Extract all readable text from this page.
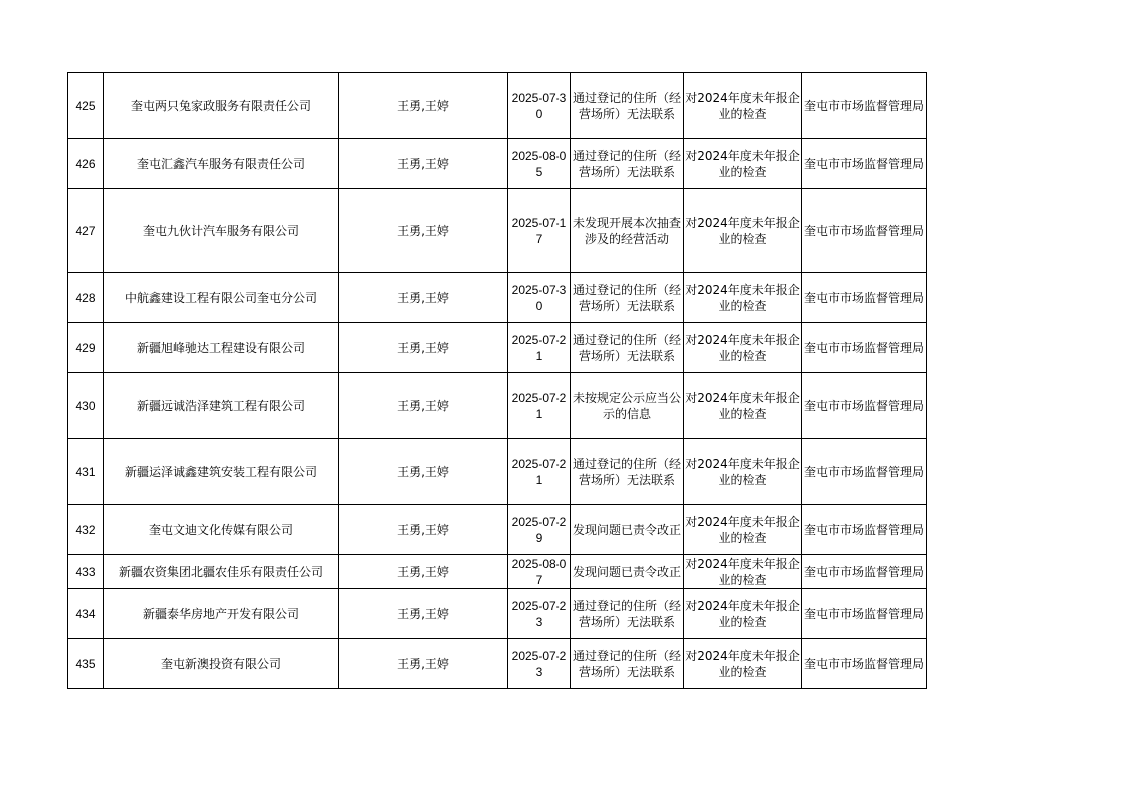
425	奎屯两只兔家政服务有限责任公司	王勇,王婷	2025-07-30	通过登记的住所（经营场所）无法联系	对2024年度未年报企业的检查	奎屯市市场监督管理局
426	奎屯汇鑫汽车服务有限责任公司	王勇,王婷	2025-08-05	通过登记的住所（经营场所）无法联系	对2024年度未年报企业的检查	奎屯市市场监督管理局
427	奎屯九伙计汽车服务有限公司	王勇,王婷	2025-07-17	未发现开展本次抽查涉及的经营活动	对2024年度未年报企业的检查	奎屯市市场监督管理局
428	中航鑫建设工程有限公司奎屯分公司	王勇,王婷	2025-07-30	通过登记的住所（经营场所）无法联系	对2024年度未年报企业的检查	奎屯市市场监督管理局
429	新疆旭峰驰达工程建设有限公司	王勇,王婷	2025-07-21	通过登记的住所（经营场所）无法联系	对2024年度未年报企业的检查	奎屯市市场监督管理局
430	新疆远诚浩泽建筑工程有限公司	王勇,王婷	2025-07-21	未按规定公示应当公示的信息	对2024年度未年报企业的检查	奎屯市市场监督管理局
431	新疆运泽诚鑫建筑安装工程有限公司	王勇,王婷	2025-07-21	通过登记的住所（经营场所）无法联系	对2024年度未年报企业的检查	奎屯市市场监督管理局
432	奎屯文迪文化传媒有限公司	王勇,王婷	2025-07-29	发现问题已责令改正	对2024年度未年报企业的检查	奎屯市市场监督管理局
433	新疆农资集团北疆农佳乐有限责任公司	王勇,王婷	2025-08-07	发现问题已责令改正	对2024年度未年报企业的检查	奎屯市市场监督管理局
434	新疆泰华房地产开发有限公司	王勇,王婷	2025-07-23	通过登记的住所（经营场所）无法联系	对2024年度未年报企业的检查	奎屯市市场监督管理局
435	奎屯新澳投资有限公司	王勇,王婷	2025-07-23	通过登记的住所（经营场所）无法联系	对2024年度未年报企业的检查	奎屯市市场监督管理局
